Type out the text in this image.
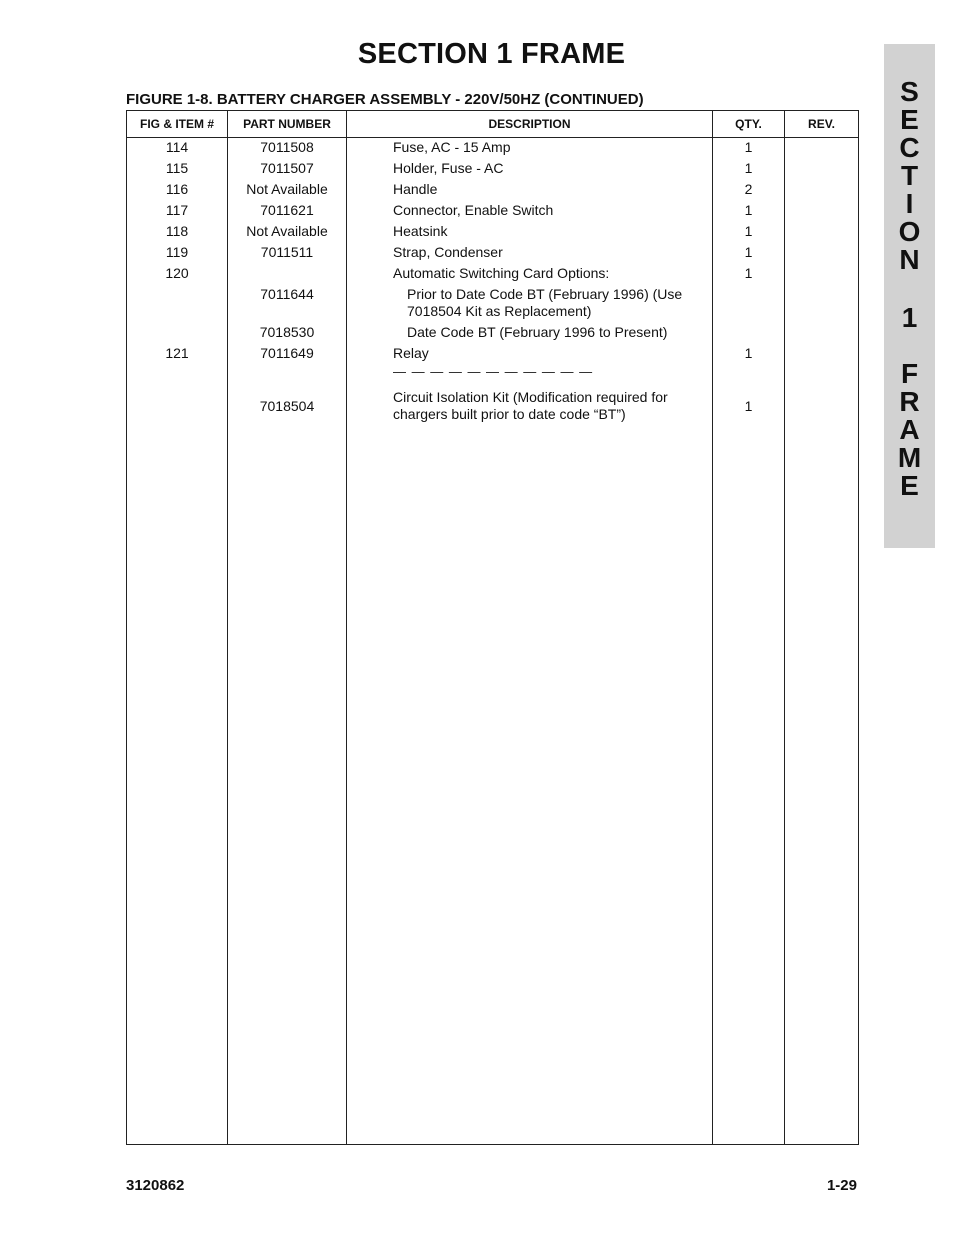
SECTION 1 FRAME
FIGURE 1-8. BATTERY CHARGER ASSEMBLY - 220V/50HZ (CONTINUED)
FIG & ITEM #	PART NUMBER	DESCRIPTION	QTY.	REV.
114	7011508	Fuse, AC - 15 Amp	1	
115	7011507	Holder, Fuse - AC	1	
116	Not Available	Handle	2	
117	7011621	Connector, Enable Switch	1	
118	Not Available	Heatsink	1	
119	7011511	Strap, Condenser	1	
120		Automatic Switching Card Options:	1	
	7011644	Prior to Date Code BT (February 1996) (Use 7018504 Kit as Replacement)		

	7018530	Date Code BT (February 1996 to Present)		

121	7011649	Relay	1	

		— — — — — — — — — — —		

	7018504	Circuit Isolation Kit (Modification required for chargers built prior to date code “BT”)	1	

S
E
C
T
I
O
N
1
F
R
A
M
E
3120862	1-29
